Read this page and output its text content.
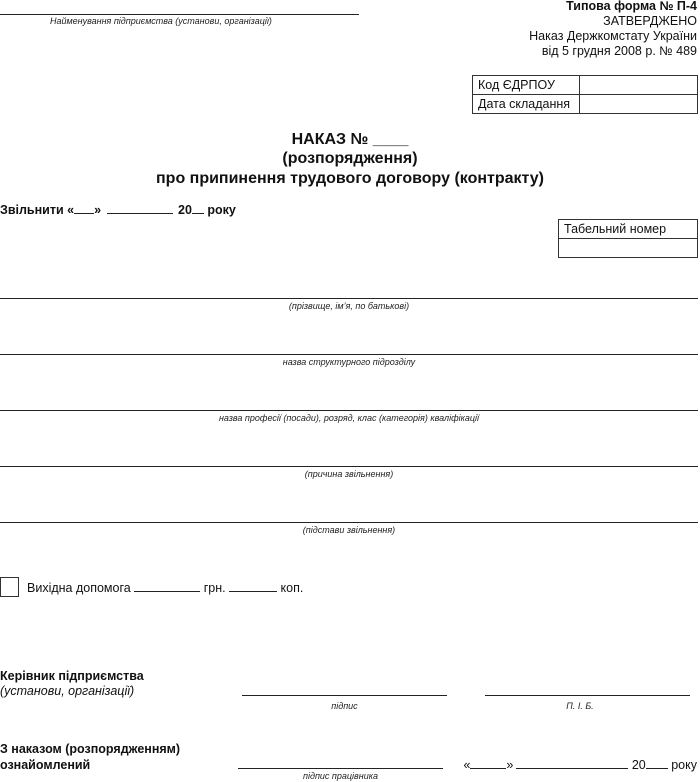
Найменування підприємства (установи, організації)
Типова форма № П-4
ЗАТВЕРДЖЕНО
Наказ Держкомстату України
від 5 грудня 2008 р. № 489
Код ЄДРПОУ	
Дата складання	
НАКАЗ № ____
(розпорядження)
про припинення трудового договору (контракту)
Звільнити « »	20 року
Табельний номер

(прізвище, ім’я, по батькові)
назва структурного підрозділу
назва професії (посади), розряд, клас (категорія) кваліфікації
(причина звільнення)
(підстави звільнення)
Вихідна допомога	грн.	коп.
Керівник підприємства
(установи, організації)
підпис	П. І. Б.
З наказом (розпорядженням)
ознайомлений
підпис працівника
«	»	20 року
